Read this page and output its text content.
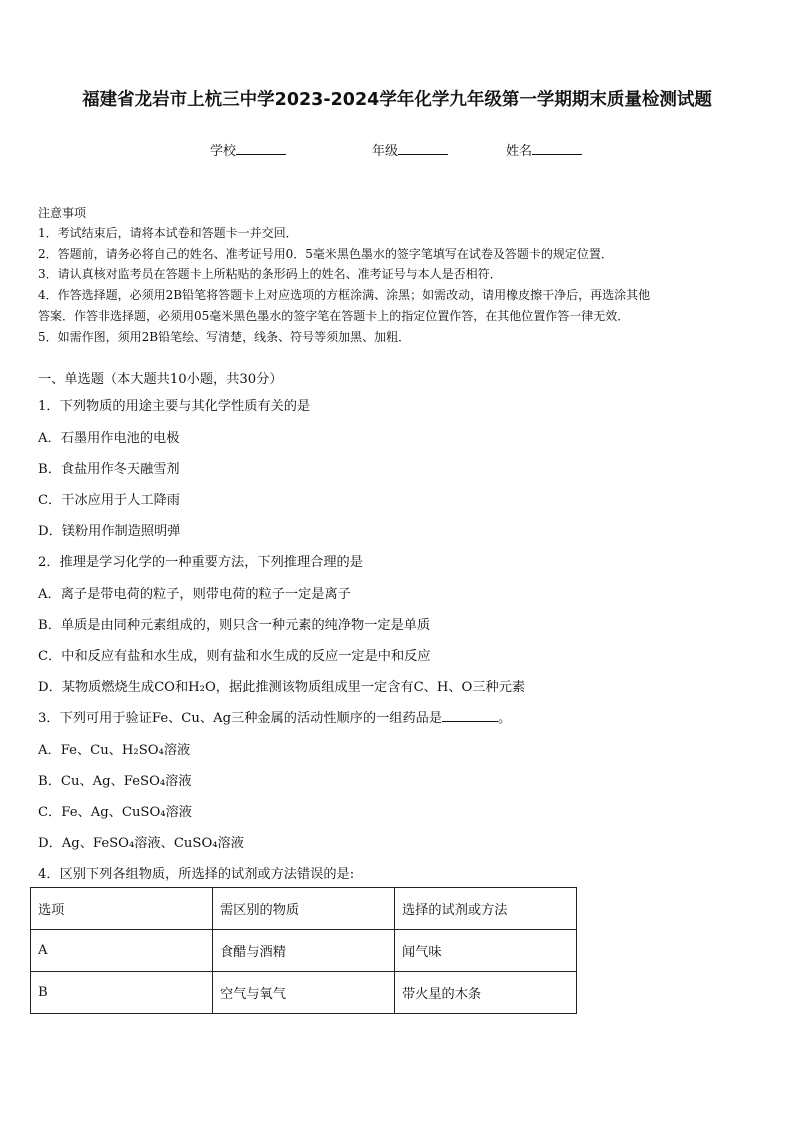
福建省龙岩市上杭三中学2023-2024学年化学九年级第一学期期末质量检测试题
学校	年级	姓名
注意事项
1．考试结束后，请将本试卷和答题卡一并交回．
2．答题前，请务必将自己的姓名、准考证号用0．5毫米黑色墨水的签字笔填写在试卷及答题卡的规定位置．
3．请认真核对监考员在答题卡上所粘贴的条形码上的姓名、准考证号与本人是否相符．
4．作答选择题，必须用2B铅笔将答题卡上对应选项的方框涂满、涂黑；如需改动，请用橡皮擦干净后，再选涂其他
答案．作答非选择题，必须用05毫米黑色墨水的签字笔在答题卡上的指定位置作答，在其他位置作答一律无效．
5．如需作图，须用2B铅笔绘、写清楚，线条、符号等须加黑、加粗．
一、单选题（本大题共10小题，共30分）
1．下列物质的用途主要与其化学性质有关的是
A．石墨用作电池的电极
B．食盐用作冬天融雪剂
C．干冰应用于人工降雨
D．镁粉用作制造照明弹
2．推理是学习化学的一种重要方法，下列推理合理的是
A．离子是带电荷的粒子，则带电荷的粒子一定是离子
B．单质是由同种元素组成的，则只含一种元素的纯净物一定是单质
C．中和反应有盐和水生成，则有盐和水生成的反应一定是中和反应
D．某物质燃烧生成CO和H₂O，据此推测该物质组成里一定含有C、H、O三种元素
3．下列可用于验证Fe、Cu、Ag三种金属的活动性顺序的一组药品是	。
A．Fe、Cu、H₂SO₄溶液
B．Cu、Ag、FeSO₄溶液
C．Fe、Ag、CuSO₄溶液
D．Ag、FeSO₄溶液、CuSO₄溶液
4．区别下列各组物质，所选择的试剂或方法错误的是:
选项	需区别的物质	选择的试剂或方法
A	食醋与酒精	闻气味
B	空气与氧气	带火星的木条
